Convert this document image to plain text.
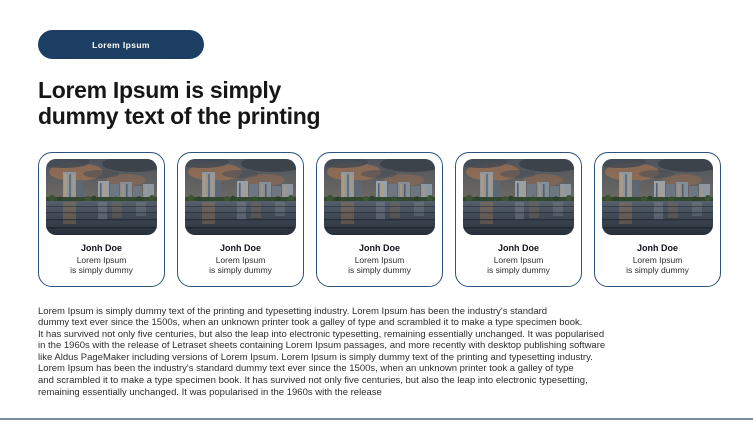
Lorem Ipsum
Lorem Ipsum is simply
dummy text of the printing
Jonh Doe
Lorem Ipsum
is simply dummy
Jonh Doe
Lorem Ipsum
is simply dummy
Jonh Doe
Lorem Ipsum
is simply dummy
Jonh Doe
Lorem Ipsum
is simply dummy
Jonh Doe
Lorem Ipsum
is simply dummy

Lorem Ipsum is simply dummy text of the printing and typesetting industry. Lorem Ipsum has been the industry's standard
dummy text ever since the 1500s, when an unknown printer took a galley of type and scrambled it to make a type specimen book.
It has survived not only five centuries, but also the leap into electronic typesetting, remaining essentially unchanged. It was popularised
in the 1960s with the release of Letraset sheets containing Lorem Ipsum passages, and more recently with desktop publishing software
like Aldus PageMaker including versions of Lorem Ipsum. Lorem Ipsum is simply dummy text of the printing and typesetting industry.
Lorem Ipsum has been the industry's standard dummy text ever since the 1500s, when an unknown printer took a galley of type
and scrambled it to make a type specimen book. It has survived not only five centuries, but also the leap into electronic typesetting,
remaining essentially unchanged. It was popularised in the 1960s with the release
